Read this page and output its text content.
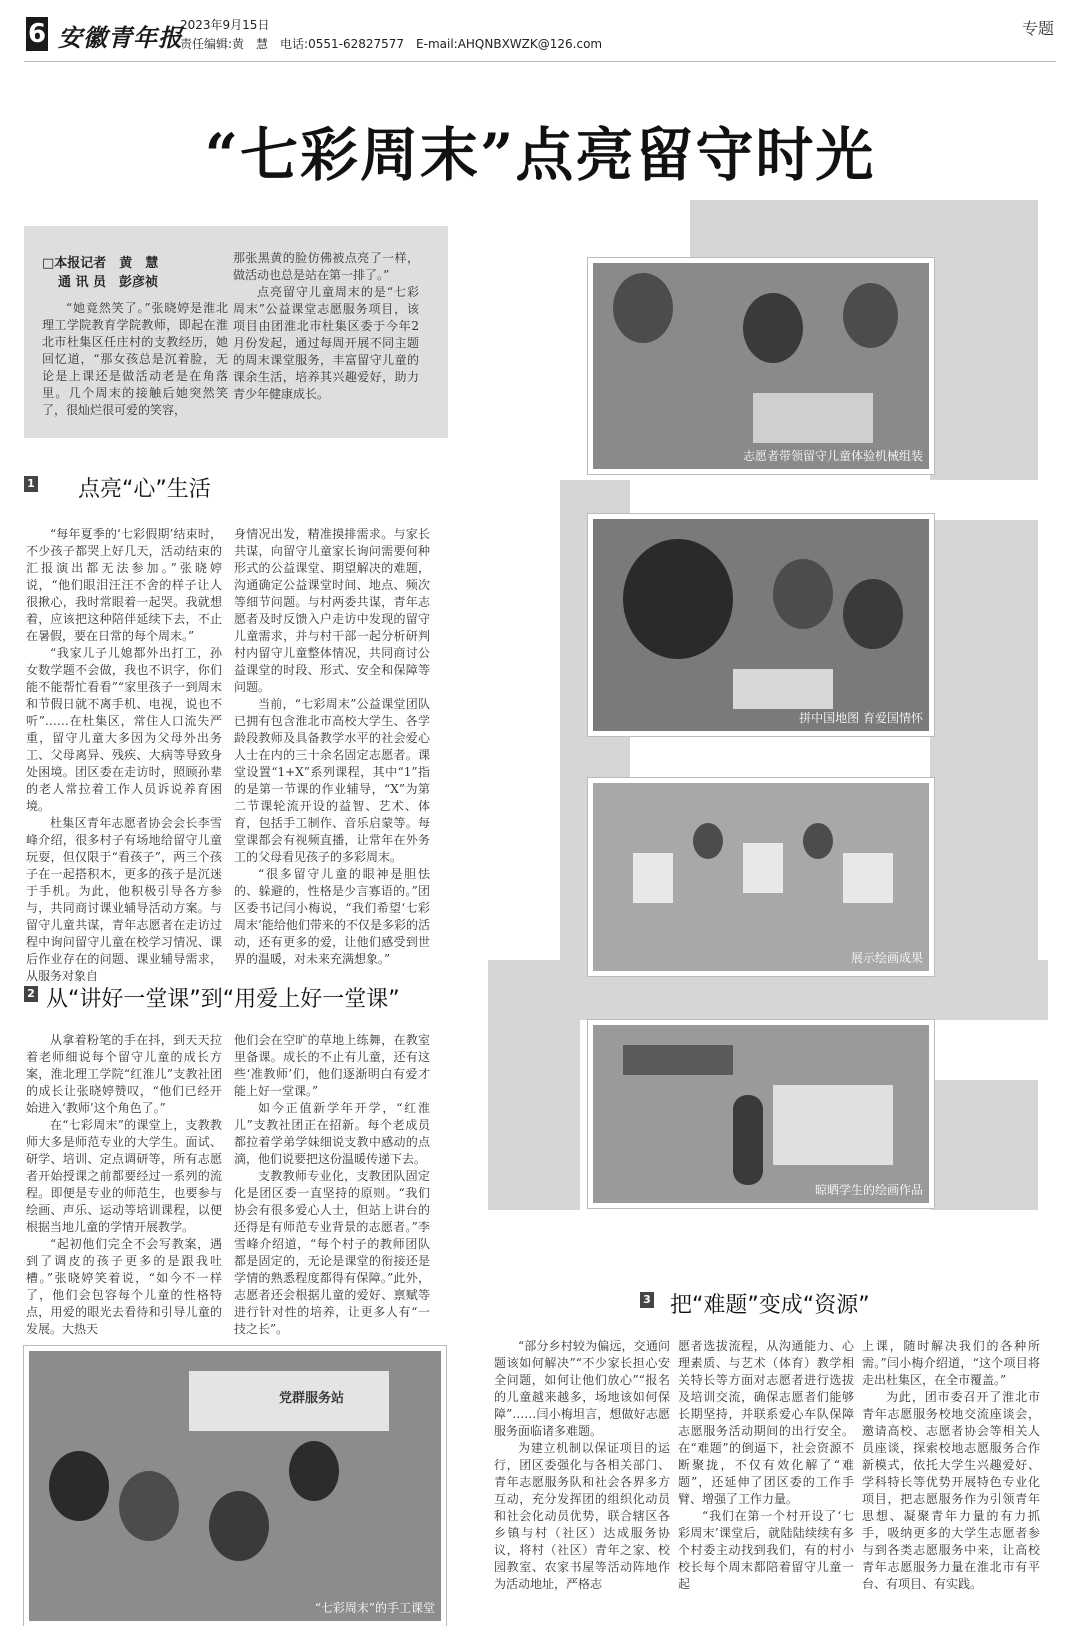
6 安徽青年报
2023年9月15日
责任编辑:黄　慧　电话:0551-62827577　E-mail:AHQNBXWZK@126.com
专题
“七彩周末”点亮留守时光
□本报记者　黄　慧
通 讯 员　彭彦祯

“她竟然笑了。”张晓婷是淮北理工学院教育学院教师，即起在淮北市杜集区任庄村的支教经历，她回忆道，“那女孩总是沉着脸，无论是上课还是做活动老是在角落里。几个周末的接触后她突然笑了，很灿烂很可爱的笑容，

那张黑黄的脸仿佛被点亮了一样，做活动也总是站在第一排了。”

点亮留守儿童周末的是“七彩周末”公益课堂志愿服务项目，该项目由团淮北市杜集区委于今年2月份发起，通过每周开展不同主题的周末课堂服务，丰富留守儿童的课余生活，培养其兴趣爱好，助力青少年健康成长。

1 点亮“心”生活

“每年夏季的‘七彩假期’结束时，不少孩子都哭上好几天，活动结束的汇报演出都无法参加。”张晓婷说，“他们眼泪汪汪不舍的样子让人很揪心，我时常眼着一起哭。我就想着，应该把这种陪伴延续下去，不止在暑假，要在日常的每个周末。”

“我家儿子儿媳都外出打工，孙女数学题不会做，我也不识字，你们能不能帮忙看看”“家里孩子一到周末和节假日就不离手机、电视，说也不听”……在杜集区，常住人口流失严重，留守儿童大多因为父母外出务工、父母离异、残疾、大病等导致身处困境。团区委在走访时，照顾孙辈的老人常拉着工作人员诉说养育困境。

杜集区青年志愿者协会会长李雪峰介绍，很多村子有场地给留守儿童玩耍，但仅限于“看孩子”，两三个孩子在一起搭积木，更多的孩子是沉迷于手机。为此，他积极引导各方参与，共同商讨课业辅导活动方案。与留守儿童共谋，青年志愿者在走访过程中询问留守儿童在校学习情况、课后作业存在的问题、课业辅导需求，从服务对象自

身情况出发，精准摸排需求。与家长共谋，向留守儿童家长询问需要何种形式的公益课堂、期望解决的难题，沟通确定公益课堂时间、地点、频次等细节问题。与村两委共谋，青年志愿者及时反馈入户走访中发现的留守儿童需求，并与村干部一起分析研判村内留守儿童整体情况，共同商讨公益课堂的时段、形式、安全和保障等问题。

当前，“七彩周末”公益课堂团队已拥有包含淮北市高校大学生、各学龄段教师及具备教学水平的社会爱心人士在内的三十余名固定志愿者。课堂设置“1+X”系列课程，其中“1”指的是第一节课的作业辅导，“X”为第二节课轮流开设的益智、艺术、体育，包括手工制作、音乐启蒙等。每堂课都会有视频直播，让常年在外务工的父母看见孩子的多彩周末。

“很多留守儿童的眼神是胆怯的、躲避的，性格是少言寡语的。”团区委书记闫小梅说，“我们希望‘七彩周末’能给他们带来的不仅是多彩的活动，还有更多的爱，让他们感受到世界的温暖，对未来充满想象。”

2 从“讲好一堂课”到“用爱上好一堂课”

从拿着粉笔的手在抖，到天天拉着老师细说每个留守儿童的成长方案，淮北理工学院“红淮儿”支教社团的成长让张晓婷赞叹，“他们已经开始进入‘教师’这个角色了。”

在“七彩周末”的课堂上，支教教师大多是师范专业的大学生。面试、研学、培训、定点调研等，所有志愿者开始授课之前都要经过一系列的流程。即便是专业的师范生，也要参与绘画、声乐、运动等培训课程，以便根据当地儿童的学情开展教学。

“起初他们完全不会写教案，遇到了调皮的孩子更多的是跟我吐槽。”张晓婷笑着说，“如今不一样了，他们会包容每个儿童的性格特点，用爱的眼光去看待和引导儿童的发展。大热天

他们会在空旷的草地上练舞，在教室里备课。成长的不止有儿童，还有这些‘准教师’们，他们逐渐明白有爱才能上好一堂课。”

如今正值新学年开学，“红淮儿”支教社团正在招新。每个老成员都拉着学弟学妹细说支教中感动的点滴，他们说要把这份温暖传递下去。

支教教师专业化，支教团队固定化是团区委一直坚持的原则。“我们协会有很多爱心人士，但站上讲台的还得是有师范专业背景的志愿者。”李雪峰介绍道，“每个村子的教师团队都是固定的，无论是课堂的衔接还是学情的熟悉程度都得有保障。”此外，志愿者还会根据儿童的爱好、禀赋等进行针对性的培养，让更多人有“一技之长”。

3 把“难题”变成“资源”

“部分乡村较为偏远，交通问题该如何解决”“不少家长担心安全问题，如何让他们放心”“报名的儿童越来越多，场地该如何保障”……闫小梅坦言，想做好志愿服务面临诸多难题。

为建立机制以保证项目的运行，团区委强化与各相关部门、青年志愿服务队和社会各界多方互动，充分发挥团的组织化动员和社会化动员优势，联合辖区各乡镇与村（社区）达成服务协议，将村（社区）青年之家、校园教室、农家书屋等活动阵地作为活动地址，严格志

愿者选拔流程，从沟通能力、心理素质、与艺术（体育）教学相关特长等方面对志愿者进行选拔及培训交流，确保志愿者们能够长期坚持，并联系爱心车队保障志愿服务活动期间的出行安全。在“难题”的倒逼下，社会资源不断聚拢，不仅有效化解了“难题”，还延伸了团区委的工作手臂、增强了工作力量。

“我们在第一个村开设了‘七彩周末’课堂后，就陆陆续续有多个村委主动找到我们，有的村小校长每个周末都陪着留守儿童一起

上课，随时解决我们的各种所需。”闫小梅介绍道，“这个项目将走出杜集区，在全市覆盖。”

为此，团市委召开了淮北市青年志愿服务校地交流座谈会，邀请高校、志愿者协会等相关人员座谈，探索校地志愿服务合作新模式，依托大学生兴趣爱好、学科特长等优势开展特色专业化项目，把志愿服务作为引领青年思想、凝聚青年力量的有力抓手，吸纳更多的大学生志愿者参与到各类志愿服务中来，让高校青年志愿服务力量在淮北市有平台、有项目、有实践。

志愿者带领留守儿童体验机械组装
拼中国地图 育爱国情怀
展示绘画成果
晾晒学生的绘画作品
党群服务站
“七彩周末”的手工课堂
